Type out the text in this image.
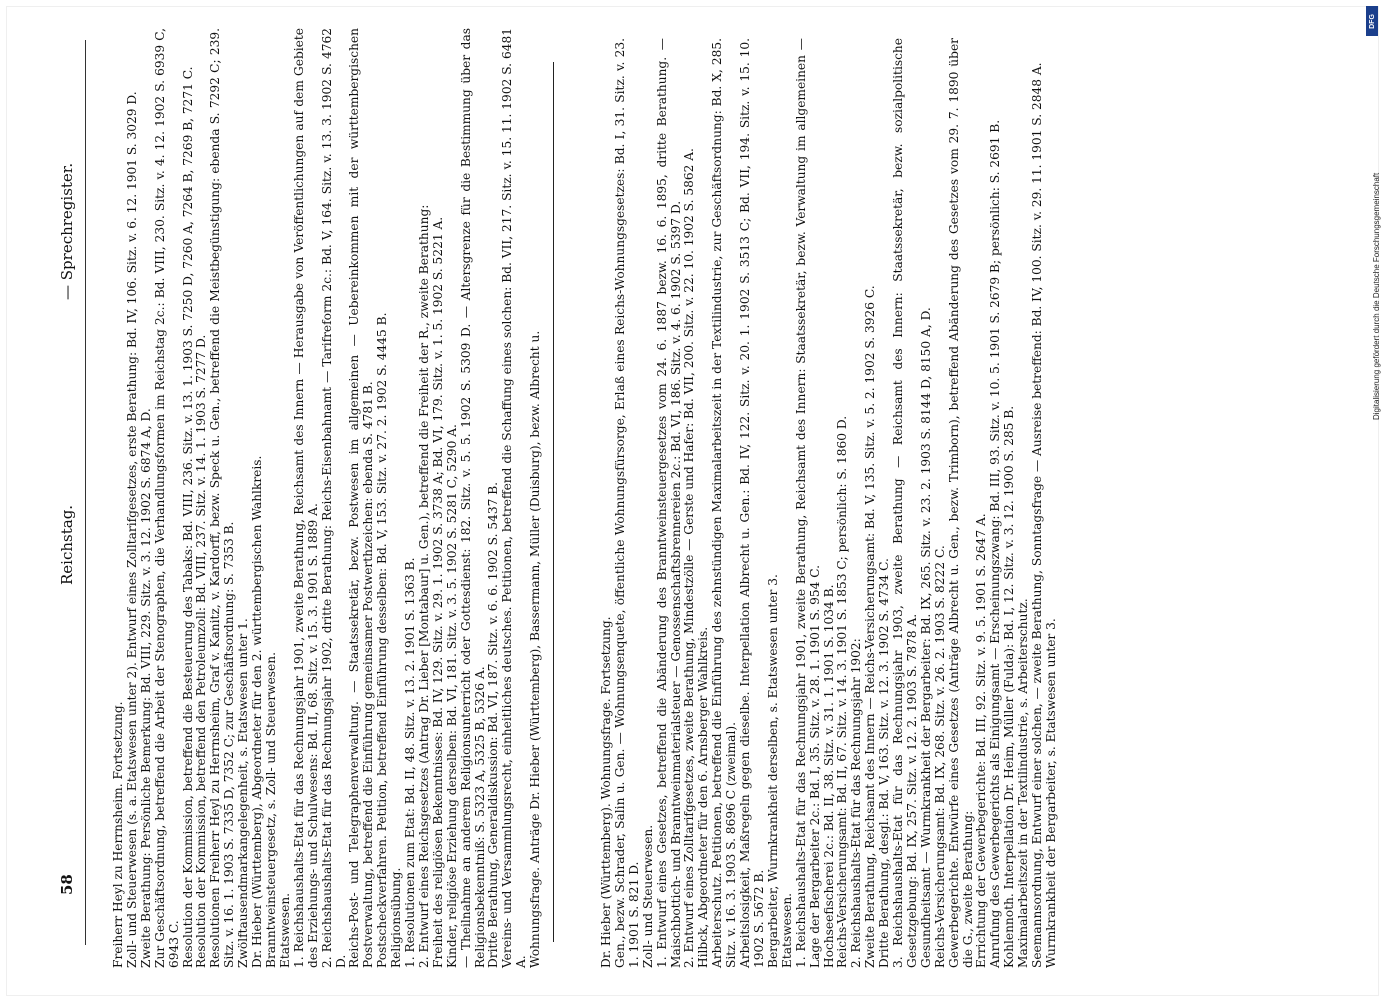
58
Reichstag.
— Sprechregister.

Freiherr Heyl zu Herrnsheim. Fortsetzung. Zoll- und Steuerwesen (s. a. Etatswesen unter 2). Entwurf eines Zolltarifgesetzes, erste Berathung: Bd. IV, 106. Sitz. v. 6. 12. 1901 S. 3029 D. Zweite Berathung: Persönliche Bemerkung: Bd. VIII, 229. Sitz. v. 3. 12. 1902 S. 6874 A, D. Zur Geschäftsordnung, betreffend die Arbeit der Stenographen, die Verhandlungsformen im Reichstag 2c.: Bd. VIII, 230. Sitz. v. 4. 12. 1902 S. 6939 C, 6943 C. Resolution der Kommission, betreffend die Besteuerung des Tabaks: Bd. VIII, 236. Sitz. v. 13. 1. 1903 S. 7250 D, 7260 A, 7264 B, 7269 B, 7271 C. Resolution der Kommission, betreffend den Petroleumzoll: Bd. VIII, 237. Sitz. v. 14. 1. 1903 S. 7277 D. Resolutionen Freiherr Heyl zu Herrnsheim, Graf v. Kanitz, v. Kardorff, bezw. Speck u. Gen., betreffend die Meistbegünstigung: ebenda S. 7292 C; 239. Sitz. v. 16. 1. 1903 S. 7335 D, 7352 C; zur Geschäftsordnung: S. 7353 B. Zwölftausendmarkangelegenheit, s. Etatswesen unter 1. Dr. Hieber (Württemberg), Abgeordneter für den 2. württembergischen Wahlkreis. Branntweinsteuergesetz, s. Zoll- und Steuerwesen. Etatswesen. 1. Reichshaushalts-Etat für das Rechnungsjahr 1901, zweite Berathung, Reichsamt des Innern — Herausgabe von Veröffentlichungen auf dem Gebiete des Erziehungs- und Schulwesens: Bd. II, 68. Sitz. v. 15. 3. 1901 S. 1889 A. 2. Reichshaushalts-Etat für das Rechnungsjahr 1902, dritte Berathung: Reichs-Eisenbahnamt — Tarifreform 2c.: Bd. V, 164. Sitz. v. 13. 3. 1902 S. 4762 D. Reichs-Post- und Telegraphenverwaltung. — Staatssekretär, bezw. Postwesen im allgemeinen — Uebereinkommen mit der württembergischen Postverwaltung, betreffend die Einführung gemeinsamer Postwerthzeichen: ebenda S. 4781 B. Postscheckverfahren. Petition, betreffend Einführung desselben: Bd. V, 153. Sitz. v. 27. 2. 1902 S. 4445 B. Religionsübung. 1. Resolutionen zum Etat: Bd. II, 48. Sitz. v. 13. 2. 1901 S. 1363 B. 2. Entwurf eines Reichsgesetzes (Antrag Dr. Lieber [Montabaur] u. Gen.), betreffend die Freiheit der R., zweite Berathung: Freiheit des religiösen Bekenntnisses: Bd. IV, 129. Sitz. v. 29. 1. 1902 S. 3738 A; Bd. VI, 179. Sitz. v. 1. 5. 1902 S. 5221 A. Kinder, religiöse Erziehung derselben: Bd. VI, 181. Sitz. v. 3. 5. 1902 S. 5281 C, 5290 A. — Theilnahme an anderem Religionsunterricht oder Gottesdienst: 182. Sitz. v. 5. 5. 1902 S. 5309 D. — Altersgrenze für die Bestimmung über das Religionsbekenntniß: S. 5323 A, 5325 B, 5326 A. Dritte Berathung, Generaldiskussion: Bd. VI, 187. Sitz. v. 6. 6. 1902 S. 5437 B. Vereins- und Versammlungsrecht, einheitliches deutsches. Petitionen, betreffend die Schaffung eines solchen: Bd. VII, 217. Sitz. v. 15. 11. 1902 S. 6481 A. Wohnungsfrage. Anträge Dr. Hieber (Württemberg), Bassermann, Müller (Duisburg), bezw. Albrecht u.	Dr. Hieber (Württemberg). Wohnungsfrage. Fortsetzung. Gen., bezw. Schrader, Salin u. Gen. — Wohnungsenquete, öffentliche Wohnungsfürsorge, Erlaß eines Reichs-Wohnungsgesetzes: Bd. I, 31. Sitz. v. 23. 1. 1901 S. 821 D. Zoll- und Steuerwesen. 1. Entwurf eines Gesetzes, betreffend die Abänderung des Branntweinsteuergesetzes vom 24. 6. 1887 bezw. 16. 6. 1895, dritte Berathung. — Maischbottich- und Branntweinmaterialsteuer — Genossenschaftsbrennereien 2c.: Bd. VI, 186. Sitz. v. 4. 6. 1902 S. 5397 D. 2. Entwurf eines Zolltarifgesetzes, zweite Berathung, Mindestzölle — Gerste und Hafer: Bd. VII, 200. Sitz. v. 22. 10. 1902 S. 5862 A. Hilbck, Abgeordneter für den 6. Arnsberger Wahlkreis. Arbeiterschutz. Petitionen, betreffend die Einführung des zehnstündigen Maximalarbeitszeit in der Textilindustrie, zur Geschäftsordnung: Bd. X, 285. Sitz. v. 16. 3. 1903 S. 8696 C (zweimal). Arbeitslosigkeit, Maßregeln gegen dieselbe. Interpellation Albrecht u. Gen.: Bd. IV, 122. Sitz. v. 20. 1. 1902 S. 3513 C; Bd. VII, 194. Sitz. v. 15. 10. 1902 S. 5672 B. Bergarbeiter, Wurmkrankheit derselben, s. Etatswesen unter 3. Etatswesen. 1. Reichshaushalts-Etat für das Rechnungsjahr 1901, zweite Berathung, Reichsamt des Innern: Staatssekretär, bezw. Verwaltung im allgemeinen — Lage der Bergarbeiter 2c.: Bd. I, 35. Sitz. v. 28. 1. 1901 S. 954 C. Hochseefischerei 2c.: Bd. II, 38. Sitz. v. 31. 1. 1901 S. 1034 B. Reichs-Versicherungsamt: Bd. II, 67. Sitz. v. 14. 3. 1901 S. 1853 C; persönlich: S. 1860 D. 2. Reichshaushalts-Etat für das Rechnungsjahr 1902: Zweite Berathung, Reichsamt des Innern — Reichs-Versicherungsamt: Bd. V, 135. Sitz. v. 5. 2. 1902 S. 3926 C. Dritte Berathung, desgl.: Bd. V, 163. Sitz. v. 12. 3. 1902 S. 4734 C. 3. Reichshaushalts-Etat für das Rechnungsjahr 1903, zweite Berathung — Reichsamt des Innern: Staatssekretär, bezw. sozialpolitische Gesetzgebung: Bd. IX, 257. Sitz. v. 12. 2. 1903 S. 7878 A. Gesundheitsamt — Wurmkrankheit der Bergarbeiter: Bd. IX, 265. Sitz. v. 23. 2. 1903 S. 8144 D, 8150 A, D. Reichs-Versicherungsamt: Bd. IX, 268. Sitz. v. 26. 2. 1903 S. 8222 C. Gewerbegerichte. Entwürfe eines Gesetzes (Anträge Albrecht u. Gen., bezw. Trimborn), betreffend Abänderung des Gesetzes vom 29. 7. 1890 über die G., zweite Berathung: Errichtung der Gewerbegerichte: Bd. III, 92. Sitz. v. 9. 5. 1901 S. 2647 A. Anrufung des Gewerbegerichts als Einigungsamt — Erscheinungszwang: Bd. III, 93. Sitz. v. 10. 5. 1901 S. 2679 B; persönlich: S. 2691 B. Kohlennoth. Interpellation Dr. Heim, Müller (Fulda): Bd. I, 12. Sitz. v. 3. 12. 1900 S. 285 B. Maximalarbeitszeit in der Textilindustrie, s. Arbeiterschutz. Seemannsordnung, Entwurf einer solchen, — zweite Berathung, Sonntagsfrage — Ausreise betreffend: Bd. IV, 100. Sitz. v. 29. 11. 1901 S. 2848 A. Wurmkrankheit der Bergarbeiter, s. Etatswesen unter 3.

Digitalisierung gefördert durch die Deutsche Forschungsgemeinschaft
DFG
